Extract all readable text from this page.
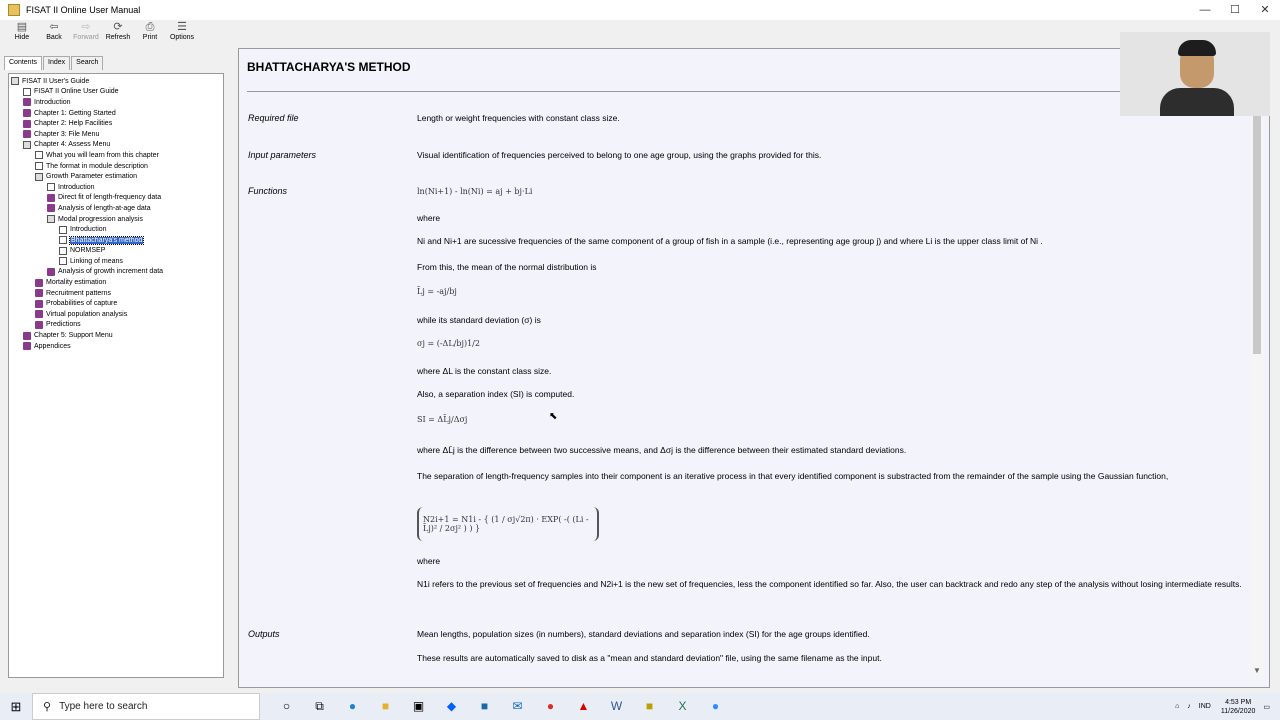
FISAT II Online User Manual	—	☐	✕
▤
Hide
⇦
Back
⇨
Forward
⟳
Refresh
⎙
Print
☰
Options
Contents	Index	Search
FISAT II User's Guide
FISAT II Online User Guide
Introduction
Chapter 1: Getting Started
Chapter 2: Help Facilities
Chapter 3: File Menu
Chapter 4: Assess Menu
What you will learn from this chapter
The format in module description
Growth Parameter estimation
Introduction
Direct fit of length-frequency data
Analysis of length-at-age data
Modal progression analysis
Introduction
Bhattacharya's method
NORMSEP
Linking of means
Analysis of growth increment data
Mortality estimation
Recruitment patterns
Probabilities of capture
Virtual population analysis
Predictions
Chapter 5: Support Menu
Appendices
BHATTACHARYA'S METHOD
Required file	Length or weight frequencies with constant class size.
Input parameters	Visual identification of frequencies perceived to belong to one age group, using the graphs provided for this.
Functions	ln(Ni+1) - ln(Ni) = aj + bj·Li
where
Ni and Ni+1 are sucessive frequencies of the same component of a group of fish in a sample (i.e., representing age group j) and where Li is the upper class limit of Ni .
From this, the mean of the normal distribution is
L̄j = -aj/bj
while its standard deviation (σ) is
σj = (-ΔL/bj)1/2
where ΔL is the constant class size.
Also, a separation index (SI) is computed.
SI = ΔL̄j/Δσj
where ΔL̄j is the difference between two successive means, and Δσj is the difference between their estimated standard deviations.
The separation of length-frequency samples into their component is an iterative process in that every identified component is substracted from the remainder of the sample using the Gaussian function,
N2i+1 = N1i - { (1 / σj√2π) · EXP( -( (Li - L̄j)² / 2σj² ) ) }
where
N1i refers to the previous set of frequencies and N2i+1 is the new set of frequencies, less the component identified so far. Also, the user can backtrack and redo any step of the analysis without losing intermediate results.
Outputs	Mean lengths, population sizes (in numbers), standard deviations and separation index (SI) for the age groups identified.
These results are automatically saved to disk as a "mean and standard deviation" file, using the same filename as the input.
▼
⬉
⊞	⚲ Type here to search	○	⧉	●	■	▣	◆	■	✉	●	▲	W	■	X	●	⌂ ♪ IND
4:53 PM
11/26/2020
▭
